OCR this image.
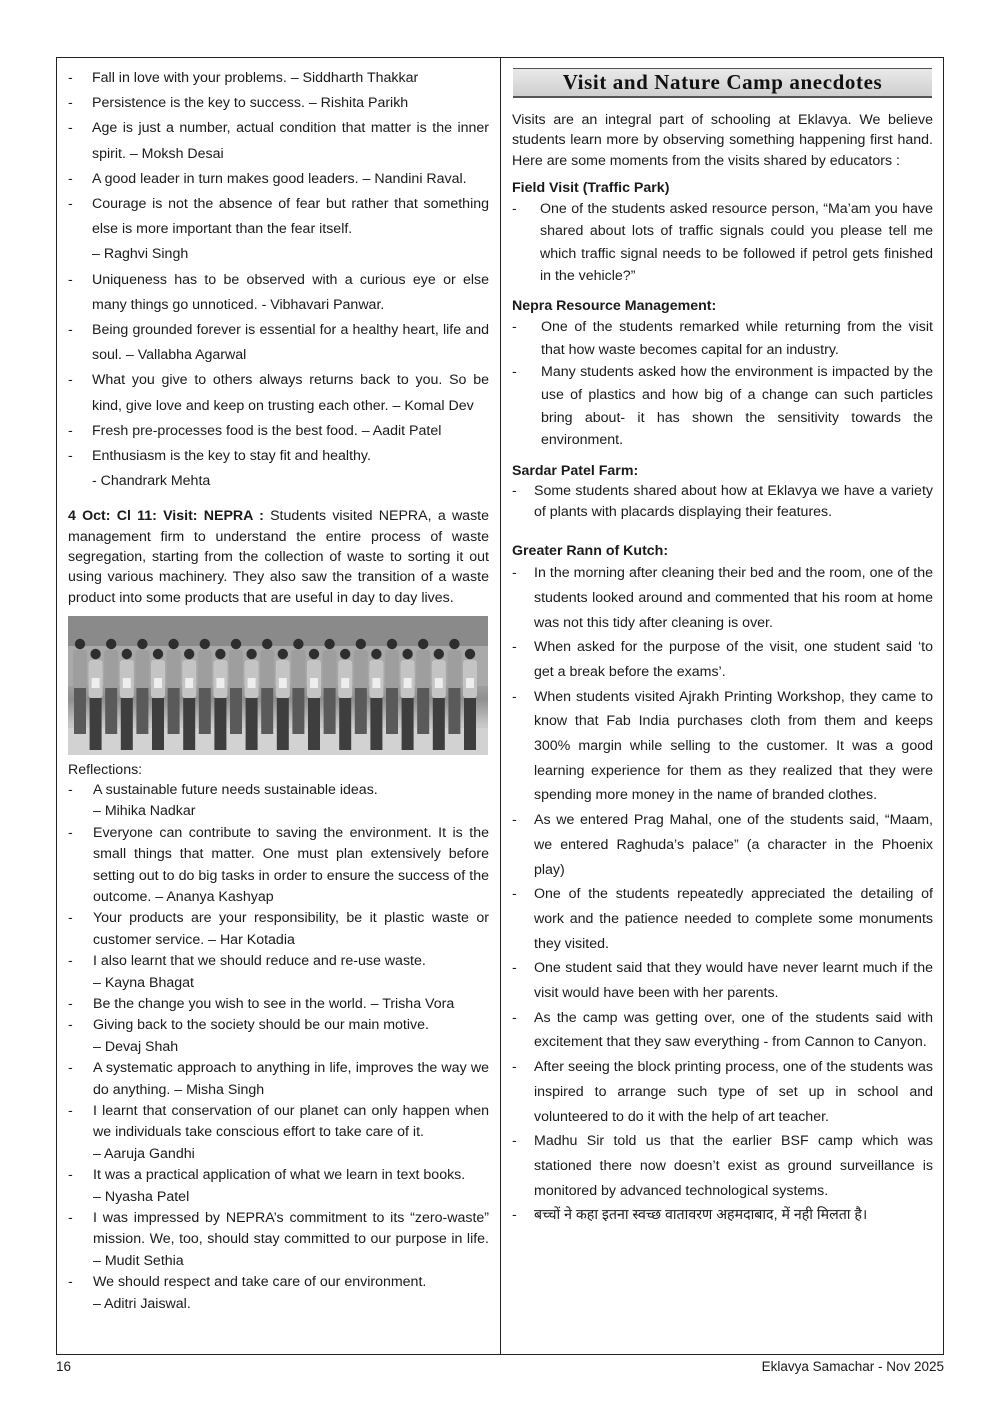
- Fall in love with your problems. – Siddharth Thakkar
- Persistence is the key to success. – Rishita Parikh
- Age is just a number, actual condition that matter is the inner spirit. – Moksh Desai
- A good leader in turn makes good leaders. – Nandini Raval.
- Courage is not the absence of fear but rather that something else is more important than the fear itself.
– Raghvi Singh
- Uniqueness has to be observed with a curious eye or else many things go unnoticed. - Vibhavari Panwar.
- Being grounded forever is essential for a healthy heart, life and soul. – Vallabha Agarwal
- What you give to others always returns back to you. So be kind, give love and keep on trusting each other. – Komal Dev
- Fresh pre-processes food is the best food. – Aadit Patel
- Enthusiasm is the key to stay fit and healthy.
- Chandrark Mehta
4 Oct: Cl 11: Visit: NEPRA : Students visited NEPRA, a waste management firm to understand the entire process of waste segregation, starting from the collection of waste to sorting it out using various machinery. They also saw the transition of a waste product into some products that are useful in day to day lives.
Reflections:
- A sustainable future needs sustainable ideas.
– Mihika Nadkar
- Everyone can contribute to saving the environment. It is the small things that matter. One must plan extensively before setting out to do big tasks in order to ensure the success of the outcome. – Ananya Kashyap
- Your products are your responsibility, be it plastic waste or customer service. – Har Kotadia
- I also learnt that we should reduce and re-use waste.
– Kayna Bhagat
- Be the change you wish to see in the world. – Trisha Vora
- Giving back to the society should be our main motive.
– Devaj Shah
- A systematic approach to anything in life, improves the way we do anything. – Misha Singh
- I learnt that conservation of our planet can only happen when we individuals take conscious effort to take care of it.
– Aaruja Gandhi
- It was a practical application of what we learn in text books.
– Nyasha Patel
- I was impressed by NEPRA’s commitment to its “zero-waste” mission. We, too, should stay committed to our purpose in life. – Mudit Sethia
- We should respect and take care of our environment.
– Aditri Jaiswal.
Visit and Nature Camp anecdotes
Visits are an integral part of schooling at Eklavya. We believe students learn more by observing something happening first hand. Here are some moments from the visits shared by educators :
Field Visit (Traffic Park)
- One of the students asked resource person, “Ma’am you have shared about lots of traffic signals could you please tell me which traffic signal needs to be followed if petrol gets finished in the vehicle?”
Nepra Resource Management:
- One of the students remarked while returning from the visit that how waste becomes capital for an industry.
- Many students asked how the environment is impacted by the use of plastics and how big of a change can such particles bring about- it has shown the sensitivity towards the environment.
Sardar Patel Farm:
- Some students shared about how at Eklavya we have a variety of plants with placards displaying their features.
Greater Rann of Kutch:
- In the morning after cleaning their bed and the room, one of the students looked around and commented that his room at home was not this tidy after cleaning is over.
- When asked for the purpose of the visit, one student said ‘to get a break before the exams’.
- When students visited Ajrakh Printing Workshop, they came to know that Fab India purchases cloth from them and keeps 300% margin while selling to the customer. It was a good learning experience for them as they realized that they were spending more money in the name of branded clothes.
- As we entered Prag Mahal, one of the students said, “Maam, we entered Raghuda’s palace” (a character in the Phoenix play)
- One of the students repeatedly appreciated the detailing of work and the patience needed to complete some monuments they visited.
- One student said that they would have never learnt much if the visit would have been with her parents.
- As the camp was getting over, one of the students said with excitement that they saw everything - from Cannon to Canyon.
- After seeing the block printing process, one of the students was inspired to arrange such type of set up in school and volunteered to do it with the help of art teacher.
- Madhu Sir told us that the earlier BSF camp which was stationed there now doesn’t exist as ground surveillance is monitored by advanced technological systems.
- बच्चों ने कहा इतना स्वच्छ वातावरण अहमदाबाद, में नही मिलता है।
16	Eklavya Samachar - Nov 2025
